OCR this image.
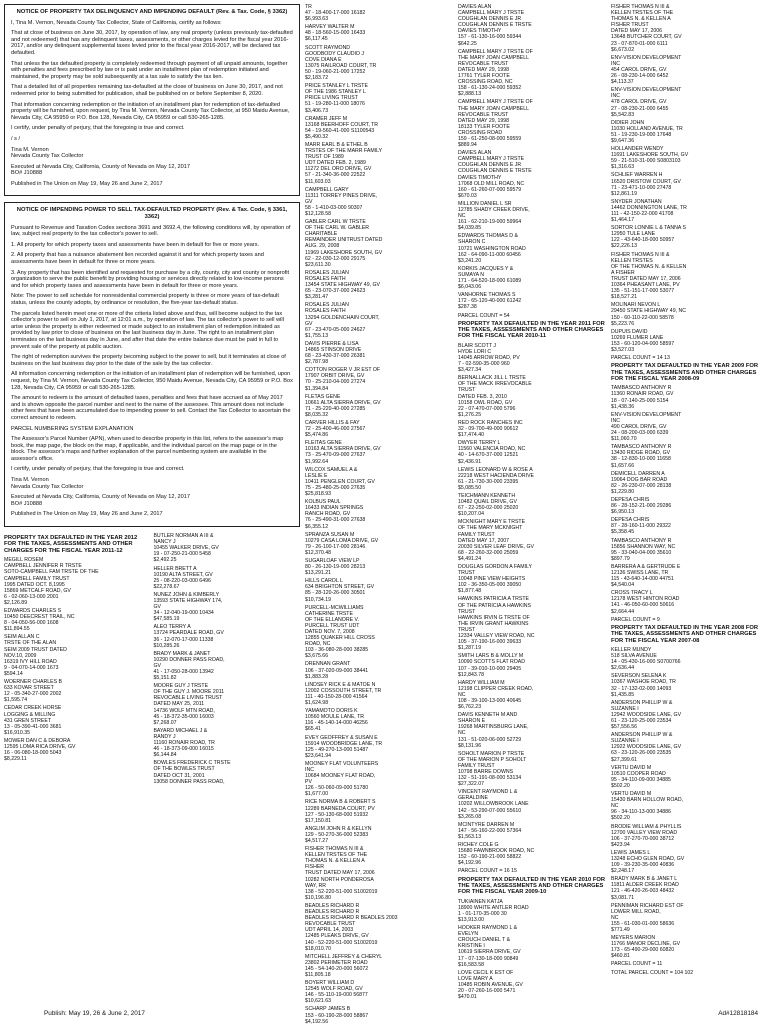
NOTICE OF PROPERTY TAX DELINQUENCY AND IMPENDING DEFAULT (Rev. & Tax. Code, § 3362)

I, Tina M. Vernon, Nevada County Tax Collector, State of California, certify as follows:

That at close of business on June 30, 2017, by operation of law, any real property (unless previously tax-defaulted and not redeemed) that has any delinquent taxes, assessments, or other charges levied for the fiscal year 2016-2017, and/or any delinquent supplemental taxes levied prior to the fiscal year 2016-2017, will be declared tax defaulted.

That unless the tax defaulted property is completely redeemed through payment of all unpaid amounts, together with penalties and fees prescribed by law or is paid under an installment plan of redemption initiated and maintained, the property may be sold subsequently at a tax sale to satisfy the tax lien.

That a detailed list of all properties remaining tax-defaulted at the close of business on June 30, 2017, and not redeemed prior to being submitted for publication, shall be published on or before September 8, 2020.

That information concerning redemption or the initiation of an installment plan for redemption of tax-defaulted property will be furnished, upon request, by Tina M. Vernon, Nevada County Tax Collector, at 950 Maidu Avenue, Nevada City, CA 95959 or P.O. Box 128, Nevada City, CA 95959 or call 530-265-1285.

I certify, under penalty of perjury, that the foregoing is true and correct.

/ s /

Tina M. Vernon
Nevada County Tax Collector

Executed at Nevada City, California, County of Nevada on May 12, 2017
BO# J10888

Published in The Union on May 19, May 26 and June 2, 2017

NOTICE OF IMPENDING POWER TO SELL TAX-DEFAULTED PROPERTY (Rev. & Tax. Code, § 3361, 3362)

Pursuant to Revenue and Taxation Codes sections 3691 and 3692.4, the following conditions will, by operation of law, subject real property to the tax collector's power to sell.

1. All property for which property taxes and assessments have been in default for five or more years.

2. All property that has a nuisance abatement lien recorded against it and for which property taxes and assessments have been in default for three or more years.

3. Any property that has been identified and requested for purchase by a city, county, city and county or nonprofit organization to serve the public benefit by providing housing or services directly related to low-income persons and for which property taxes and assessments have been in default for three or more years.

Note: The power to sell schedule for nonresidential commercial property is three or more years of tax-default status, unless the county adopts, by ordinance or resolution, the five-year tax-default status.

The parcels listed herein meet one or more of the criteria listed above and thus, will become subject to the tax collector's power to sell on July 1, 2017, at 12:01 a.m., by operation of law. The tax collector's power to sell will arise unless the property is either redeemed or made subject to an installment plan of redemption initiated as provided by law prior to close of business on the last business day in June. The right to an installment plan terminates on the last business day in June, and after that date the entire balance due must be paid in full to prevent sale of the property at public auction.

The right of redemption survives the property becoming subject to the power to sell, but it terminates at close of business on the last business day prior to the date of the sale by the tax collector.

All information concerning redemption or the initiation of an installment plan of redemption will be furnished, upon request, by Tina M. Vernon, Nevada County Tax Collector, 950 Maidu Avenue, Nevada City, CA 95959 or P.O. Box 128, Nevada City, CA 95959 or call 530-265-1285.

The amount to redeem is the amount of defaulted taxes, penalties and fees that have accrued as of May 2017 and is shown opposite the parcel number and next to the name of the assessee. This amount does not include other fees that have been accumulated due to impending power to sell. Contact the Tax Collector to ascertain the correct amount to redeem.

PARCEL NUMBERING SYSTEM EXPLANATION

The Assessor's Parcel Number (APN), when used to describe property in this list, refers to the assessor's map book, the map page, the block on the map, if applicable, and the individual parcel on the map page or in the block. The assessor's maps and further explanation of the parcel numbering system are available in the assessor's office.

I certify, under penalty of perjury, that the foregoing is true and correct.

Tina M. Vernon
Nevada County Tax Collector

Executed at Nevada City, California, County of Nevada on May 12, 2017
BO# J10888

Published in The Union on May 19, May 26 and June 2, 2017

PROPERTY TAX DEFAULTED IN THE YEAR 2012 FOR THE TAXES, ASSESSMENTS AND OTHER CHARGES FOR THE FISCAL YEAR 2011-12
MEGILL ROSEM
CAMPBELL JENNIFER R TRSTE
SOTO-CAMPBELL FAM TRSTE OF THE
CAMPBELL FAMILY TRUST
1995 DATED OCT. 8,1995
15869 METCALF ROAD, GV
6 - 02-060-13-000 2001
$2,126.89
EDWARDS CHARLES S
10450 DEECREST TRAIL, NC
8 - 04-050-56-000 1608
$11,894.55
SEIM ALLAN C
TRSTE OF THE ALAN
SEIM 2009 TRUST DATED
NOV.10, 2009
16319 IVY HILL ROAD
9 - 04-070-14-000 1673
$594.14
WOERNER CHARLES B
633 KOVAR STREET
12 - 05-340-27-000 2002
$1,595.74
CEDAR CREEK HORSE
LOGGING & MILLING
431 GREN STREET
13 - 05-390-41-000 3681
$16,910.35
MOWER DAN C & DEBORA
12595 LOMA RICA DRIVE, GV
16 - 06-080-18-000 5043
$8,229.11

BUTLER NORMAN A III &
NANCY J
10455 WALKER DRIVE, GV
19 - 07-250-21-000 5458
$2,492.25
HELLER BRETT A
10190 ALTA STREET, GV
25 - 08-220-03-000 6496
$22,278.67
NUNEZ JOHN & KIMBERLY
13593 STATE HIGHWAY 174,
GV
34 - 12-040-19-000 10434
$47,585.19
ALEO TERRY A
13724 PEARDALE ROAD, GV
36 - 12-070-17-000 11338
$10,285.26
BRADY MARK & JANET
10290 DONNER PASS ROAD,
GV
41 - 17-050-28-000 13942
$5,151.82
MOORE GUY J TRSTE
OF THE GUY J. MOORE 2011
REVOCABLE LIVING TRUST
DATED MAY 25, 2011
14736 WOLF MTN ROAD,
45 - 18-372-35-000 16003
$7,268.07
BAYARD MICHAEL J &
RANDY J
11160 RONAIR ROAD, TR
46 - 18-373-09-000 16015
$6,144.84
BOWLES FREDERICK C TRSTE
OF THE BOWLES TRUST
DATED OCT 31, 2001
13058 DONNER PASS ROAD,
TR
47 - 18-400-17-000 16182
$6,993.63
HARVEY WALTER M
48 - 18-560-15-000 16433
$6,117.45
SCOTT RAYMOND
GOODBODY CLAUDIO J
COVE DIANA E
13075 RAILROAD COURT, TR
50 - 19-060-21-000 17252
$2,183.72
PRICE STANLEY L TRSTE
OF THE 1986 STANLEY L
PRICE LIVING TRUST
51 - 19-280-11-000 18076
$3,406.73
CRAMER JEFF M
13168 BEERHOFF COURT, TR
54 - 19-560-41-000 S1100543
$5,490.32
MARR EARL B & ETHEL B
TRSTES OF THE MARR FAMILY
TRUST OF 1989
UDT DATED FEB. 2, 1989
11272 DEL ORO DRIVE, GV
57 - 21-340-36-000 22522
$11,603.03
CAMPBELL GARY
11311 TORREY PINES DRIVE,
GV
58 - 1-410-03-000 90307
$12,128.58
GABLER CARL W TRSTE
OF THE CARL W. GABLER
CHARITABLE
REMAINDER UNITRUST DATED
AUG. 29, 2008
11969 LAKESHORE SOUTH, GV
62 - 22-030-12-000 29175
$23,611.30
ROSALES JULIAN
ROSALES FAITH
13454 STATE HIGHWAY 49, GV
65 - 23-070-37-000 24623
$3,281.47
ROSALES JULIAN
ROSALES FAITH
13294 GOLDENCHAIN COURT,
GV
67 - 23-470-05-000 24627
$1,755.13
DAVIS PIERRE & LISA
14865 STINSON DRIVE
68 - 23-430-37-000 26381
$2,787.98
COTTON ROGER V JR EST OF
17907 ORBIT DRIVE, GV
70 - 25-210-04-000 27274
$1,394.84
FLETAS GENE
10661 ALTA SIERRA DRIVE, GV
71 - 25-220-40-000 27285
$8,035.32
CARVER HILLIS & FAY
72 - 25-400-46-000 27567
$5,474.86
FLEITAS GENE
10163 ALTA SIERRA DRIVE, GV
73 - 25-470-09-000 27637
$1,992.64
WILCOX SAMUEL A &
LESLIE E
10411 PENGLEN COURT, GV
75 - 25-480-25-000 27635
$25,818.93
KOLBUS PAUL
16433 INDIAN SPRINGS
RANCH ROAD, GV
76 - 25-490-31-000 27638
$6,355.12
SPRANZA SUSAN M
10279 CASA LOMA DRIVE, GV
79 - 26-100-17-000 28146
$12,370.48
SUGARLOAF VIEW LP
80 - 26-130-19-000 28213
$13,291.21
HILLS CAROL L
634 BRIGHTON STREET, GV
85 - 28-120-26-000 30501
$10,734.19
PURCELL-MCWILLIAMS
CATHERINE TRSTE
OF THE ELLANORE V.
PURCELL TRUST UDT
DATED NOV. 7, 2008
12855 QUAKER HILL CROSS
ROAD, NC
103 - 36-080-28-000 38285
$3,675.66
DRENNAN GRANT
106 - 37-020-09-000 38441
$1,883.28
LINDSEY RICK E & MATOE N
12002 COSSOUTH STREET, TR
111 - 40-150-28-000 41564
$1,624.98
YAMAMOTO DORIS K
10560 MOULE LANE, TR
116 - 45-140-14-000 46256
$65.41
EVEY GEOFFREY & SUSAN E
15914 WOODBRIDGE LANE, TR
125 - 49-270-13-000 51487
$23,641.94
MOONEY FLAT VOLUNTEERS
INC
10684 MOONEY FLAT ROAD,
PV
126 - 50-060-09-000 51780
$1,677.00
RICE NORMA B & ROBERT S
12289 BARNEDA COURT, PV
127 - 50-130-68-000 51932
$17,150.81
ANGLIM JOHN R & KELLYN
129 - 50-270-36-000 52383
$4,517.27
FISHER THOMAS N III &
KELLEN TRSTES OF THE
THOMAS N. & KELLEN A
FISHER
TRUST DATED MAY 17, 2006
10282 NORTH PONDEROSA
WAY, RR
138 - 52-220-51-000 S1002019
$10,196.80
BEADLES RICHARD R
BEADLES RICHARD R
BEADLES RICHARD R BEADLES 2003
REVOCABLE TRUST
UDT APRIL 14, 2003
12485 PLEAKS DRIVE, GV
140 - 52-220-51-000 S1002019
$18,010.70
MITCHELL JEFFREY & CHERYL
23802 PERIMETER ROAD
145 - 54-140-20-000 56072
$11,805.18
BOYERT WILLIAM D
12545 WOLF ROAD, GV
146 - 55-110-19-000 56877
$10,621.63
SCHARP JAMES B
153 - 60-190-28-000 58867
$4,192.56
DAVIES ALAN
CAMPBELL MARY J TRSTE
COUGHLAN DENNIS E JR
COUGHLAN DENNIS E TRSTE
DAVIES TIMOTHY
157 - 61-130-16-000 59344
$642.25
CAMPBELL MARY J TRSTE OF
THE MARY JOAN CAMPBELL
REVOCABLE TRUST
DATED MAY 29, 1998
17761 TYLER FOOTE
CROSSING ROAD, NC
158 - 61-130-24-000 59352
$2,888.13
CAMPBELL MARY J TRSTE OF
THE MARY JOAN CAMPBELL
REVOCABLE TRUST
DATED MAY 29, 1998
18133 TYLER FOOTE
CROSSING ROAD
159 - 61-250-08-000 59559
$889.94
DAVIES ALAN
CAMPBELL MARY J TRSTE
COUGHLAN DENNIS E JR
COUGHLAN DENNIS E TRSTE
DAVIES TIMOTHY
17068 OLD MILL ROAD, NC
160 - 61-260-07-000 59579
$670.03
MILLION DANIEL L SR
12785 SHADY CREEK DRIVE,
NC
161 - 62-210-19-000 59964
$4,039.85
EDWARDS THOMAS D &
SHARON C
10721 WASHINGTON ROAD
162 - 64-090-11-000 60456
$3,241.20
KORKIS JACQUES Y &
SUMAYA N
171 - 64-520-18-000 61089
$6,043.06
VANHORNE THOMAS S
172 - 65-120-40-000 61242
$287.38
PARCEL COUNT = 54
PROPERTY TAX DEFAULTED IN THE YEAR 2011 FOR THE TAXES, ASSESSMENTS AND OTHER CHARGES FOR THE FISCAL YEAR 2010-11
BLAIR SCOTT J
HYDE LORI C
14045 ARROW ROAD, PV
7 - 02-590-35-000 960
$3,427.34
BERNALLACK JILL L TRSTE
OF THE MACK IRREVOCABLE
TRUST
DATED FEB. 3, 2010
10158 OWL ROAD, GV
22 - 07-470-07-000 5796
$1,276.25
RED ROCK RANCHES INC
32 - 09-700-49-000 90612
$17,474.40
DWYER TERRY L
11560 VALENCIA ROAD, NC
40 - 14-670-37-000 12521
$2,436.91
LEWIS LEONARD W & ROSE A
22218 WEST HACIENDA DRIVE
61 - 21-730-30-000 23395
$5,085.50
TEICHMANN KENNETH
10482 QUAIL DRIVE, GV
67 - 22-250-02-000 25020
$10,207.04
MCKNIGHT MARY E TRSTE
OF THE MARY MCKNIGHT
FAMILY TRUST
DATED MAY 17, 2007
20030 SILVER LEAF DRIVE, GV
68 - 22-260-32-000 25059
$4,491.24
DOUGLAS GORDON A FAMILY
TRUST
10048 PINE VIEW HEIGHTS
102 - 36-350-05-000 39050
$1,877.48
HAWKINS PATRICIA A TRSTE
OF THE PATRICIA A HAWKINS
TRUST
HAWKINS IRVIN G TRSTE OF
THE IRVIN GRANT HAWKINS
TRUST
12334 VALLEY VIEW ROAD, NC
105 - 37-190-16-000 39633
$1,287.19
SMITH LARS B & MOLLY M
10090 SCOTTS FLAT ROAD
107 - 39-010-10-000 29405
$12,843.78
HARDY WILLIAM M
12198 CLIPPER CREEK ROAD,
NC
108 - 39-100-13-000 40645
$6,762.23
DAVIS KENNETH M AND
SHARON E
19268 MARTINSBURG LANE,
NC
131 - 51-020-06-000 52729
$8,131.96
SOHOLT MARION P TRSTE
OF THE MARION P SOHOLT
FAMILY TRUST
10798 BARRE DOWNS
132 - 51-191-08-000 53134
$27,322.07
VINCENT RAYMOND L &
GERALDINE
10202 WILLOWBROOK LANE
142 - 53-290-07-000 55610
$3,265.08
MCINTYRE DARREN M
147 - 56-160-22-000 57364
$1,563.13
RICHEY COLE G
15680 FAWNBROOK ROAD, NC
152 - 60-190-21-000 58822
$4,192.96
PARCEL COUNT = 16 15
PROPERTY TAX DEFAULTED IN THE YEAR 2010 FOR THE TAXES, ASSESSMENTS AND OTHER CHARGES FOR THE FISCAL YEAR 2009-10
TUKIAINEN KATJA
18900 WHITE ANTLER ROAD
1 - 01-170-35-000 30
$13,913.00
HOOKER RAYMOND L &
EVELYN
CROUCH DANIEL T &
KRISTINE I
10619 SIERRA DRIVE, GV
17 - 07-130-18-000 90849
$16,583.58
LOVE CECIL K EST OF
LOVE MARY A
10485 ROBIN AVENUE, GV
20 - 07-260-16-000 5471
$470.01
FISHER THOMAS N III &
KELLEN TRSTES OF THE
THOMAS N. & KELLEN A
FISHER TRUST
DATED MAY 17, 2006
13648 BUTCHER COURT, GV
23 - 07-870-01-000 6111
$6,673.02
ENV-VISION DEVELOPMENT
INC
454 CAROL DRIVE, GV
26 - 08-230-14-000 6452
$4,113.37
ENV-VISION DEVELOPMENT
INC
478 CAROL DRIVE, GV
27 - 08-230-21-000 6455
$5,542.83
DIDIER JOHN
11030 HOLLAND AVENUE, TR
51 - 19-230-19-000 17648
$9,647.36
HOLLANDER WENDY
11691 LAKESHORE SOUTH, GV
59 - 21-510-31-000 S0803103
$1,316.63
SCHLIEF WARREN H
16520 DRISTOW COURT, GV
71 - 23-471-10-000 27478
$12,861.19
SNYDER JONATHAN
14462 DONNINGTON LANE, TR
111 - 42-150-22-000 41708
$1,464.17
SORTOR LONNIE L & TANNA S
12950 TULE LANE
122 - 43-640-18-000 50957
$22,226.13
FISHER THOMAS N III &
KELLEN TRSTES
OF THE THOMAS N. & KELLEN
A FISHER
TRUST DATED MAY 17, 2006
10364 PHEASANT LANE, PV
135 - 51-151-17-000 53077
$18,527.21
MOLINARI NEVON L
29450 STATE HIGHWAY 49, NC
150 - 60-110-22-000 58578
$5,223.76
DUPUIS DAVID
10269 FLUMER LANE
153 - 60-120-04-000 58597
$3,527.03
PARCEL COUNT = 14 13
PROPERTY TAX DEFAULTED IN THE YEAR 2009 FOR THE TAXES, ASSESSMENTS AND OTHER CHARGES FOR THE FISCAL YEAR 2008-09
TAMBASCO ANTHONY R
11360 RONAIR ROAD, GV
18 - 07-140-25-000 5154
$1,438.36
ENV-VISION DEVELOPMENT
INC
490 CAROL DRIVE, GV
24 - 08-200-03-000 6339
$11,060.70
TAMBASCO ANTHONY R
13430 RIDGE ROAD, GV
38 - 12-830-10-000 11658
$1,657.66
DEMICELL DARREN A
19064 DOG BAR ROAD
82 - 26-230-07-000 28138
$1,229.80
DEPESA CHRIS
86 - 28-152-21-000 29286
$6,950.13
DEPESA CHRIS
87 - 28-160-11-000 29322
$5,358.45
TAMBASCO ANTHONY R
15856 SHANNON WAY, NC
95 - 33-040-04-000 35610
$897.79
BARRERA A & GERTRUDE E
12136 SWISS LANE, TR
115 - 43-640-14-000 44751
$4,540.04
CROSS TRACY L
12178 WEST HINTON ROAD
141 - 46-050-60-000 50616
$2,664.44
PARCEL COUNT = 9
PROPERTY TAX DEFAULTED IN THE YEAR 2008 FOR THE TAXES, ASSESSMENTS AND OTHER CHARGES FOR THE FISCAL YEAR 2007-08
KELLER MUNDY
518 SILVA AVENUE
14 - 05-430-16-000 S0700766
$2,636.44
SEVERSON SELENA K
10367 WASHOE ROAD, TR
32 - 17-132-02-000 14093
$1,435.85
ANDERSON PHILLIP W &
SUZANNE I
12942 WOODSIDE LANE, GV
61 - 23-120-25-000 23534
$57,556.56
ANDERSON PHILLIP W &
SUZANNE I
12922 WOODSIDE LANE, GV
63 - 23-120-26-000 23535
$27,399.61
VERTU DAVID M
10510 COOPER ROAD
95 - 34-110-09-000 34885
$502.20
VERTU DAVID M
15430 BARN HOLLOW ROAD,
NC
96 - 34-110-13-000 34886
$502.20
BRODIE WILLIAM & PHYLLIS
12700 VALLEY VIEW ROAD
106 - 37-270-70-000 38712
$423.94
LEWIS JAMES L
13248 ECHO GLEN ROAD, GV
109 - 39-230-35-000 40836
$2,248.17
BRADY MARK B & JANET L
11811 ALDER CREEK ROAD
121 - 46-420-26-003 48432
$3,081.71
PENNIMAN RICHARD EST OF
LOWER MILL ROAD,
NC
155 - 61-030-01-000 58636
$771.49
MEYERS MARION
11766 MANOR DECLINE, GV
173 - 65-490-29-000 60820
$460.81
PARCEL COUNT = 11
TOTAL PARCEL COUNT = 104 102
Publish: May 19, 26 & June 2, 2017	Ad#12818184
